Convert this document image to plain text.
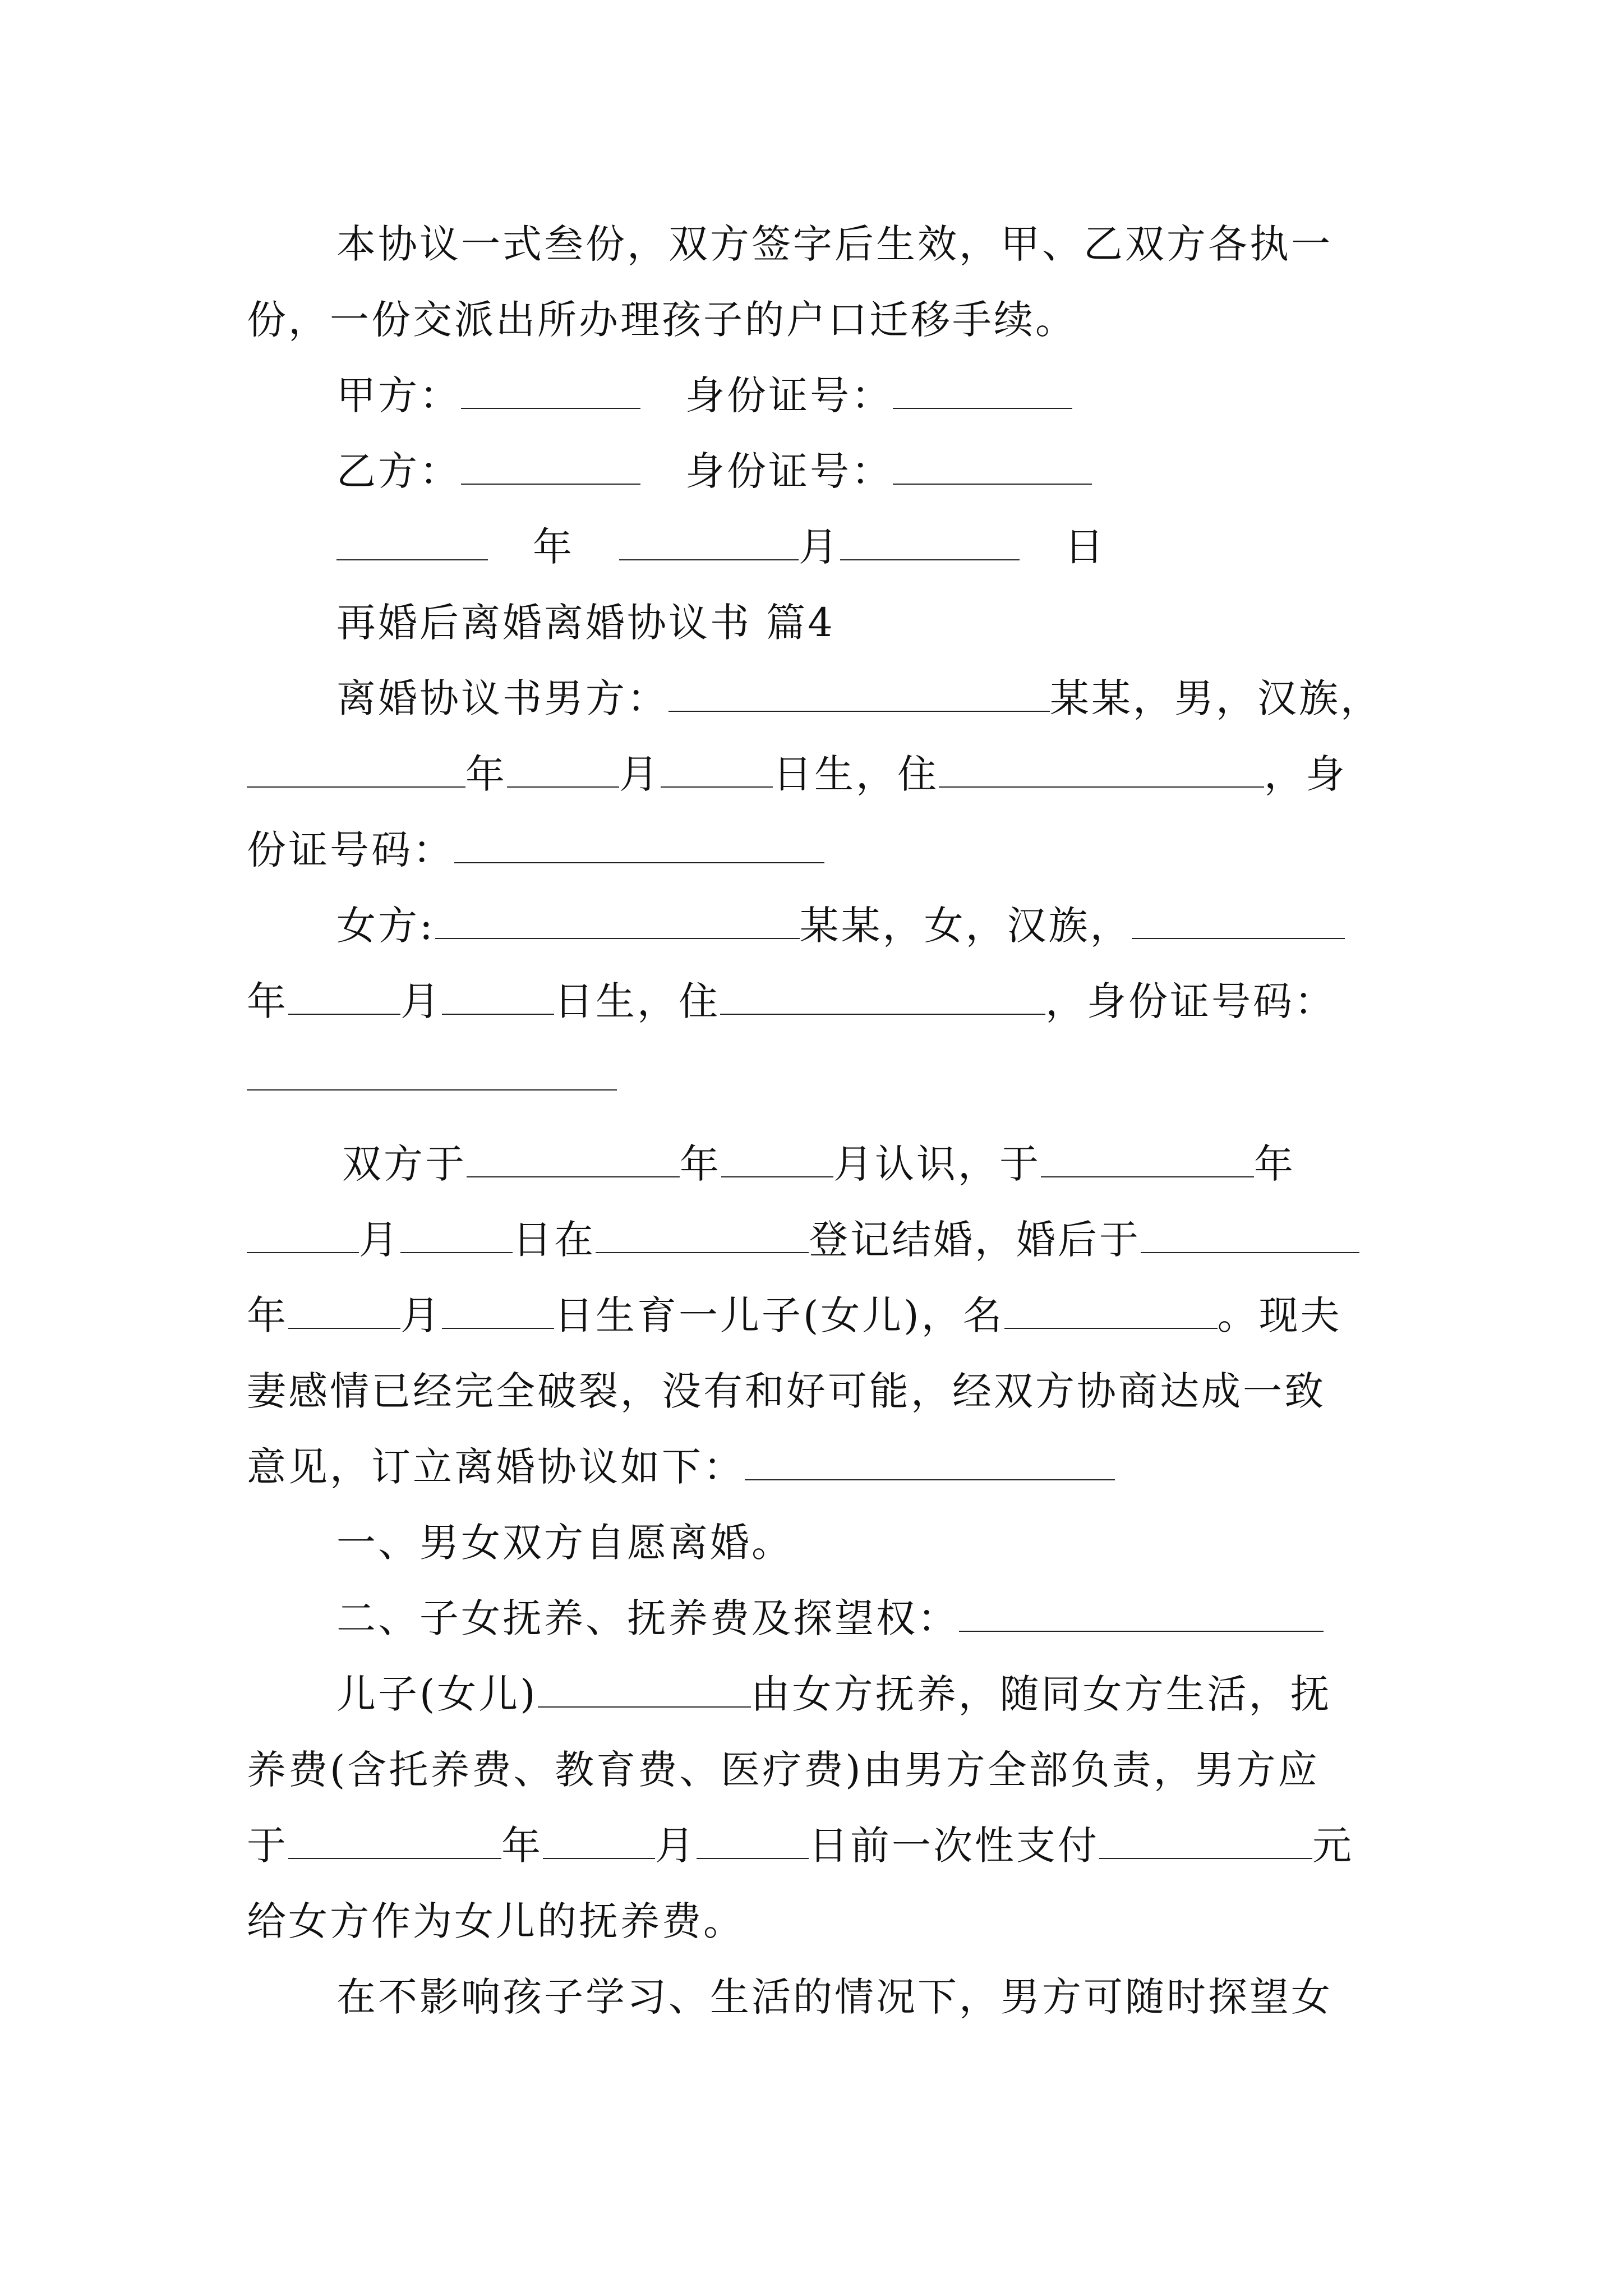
本协议一式叁份，双方签字后生效，甲、乙双方各执一
份，一份交派出所办理孩子的户口迁移手续。
甲方：	身份证号：
乙方：	身份证号：
年	月	日
再婚后离婚离婚协议书 篇4
离婚协议书男方：	某某，男，汉族，
年	月	日生，住	，身
份证号码：
女方:	某某，女，汉族，
年	月	日生，住	，身份证号码：
双方于	年	月认识，于	年
月	日在	登记结婚，婚后于
年	月	日生育一儿子(女儿)，名	。现夫
妻感情已经完全破裂，没有和好可能，经双方协商达成一致
意见，订立离婚协议如下：
一、男女双方自愿离婚。
二、子女抚养、抚养费及探望权：
儿子(女儿)	由女方抚养，随同女方生活，抚
养费(含托养费、教育费、医疗费)由男方全部负责，男方应
于	年	月	日前一次性支付	元
给女方作为女儿的抚养费。
在不影响孩子学习、生活的情况下，男方可随时探望女
